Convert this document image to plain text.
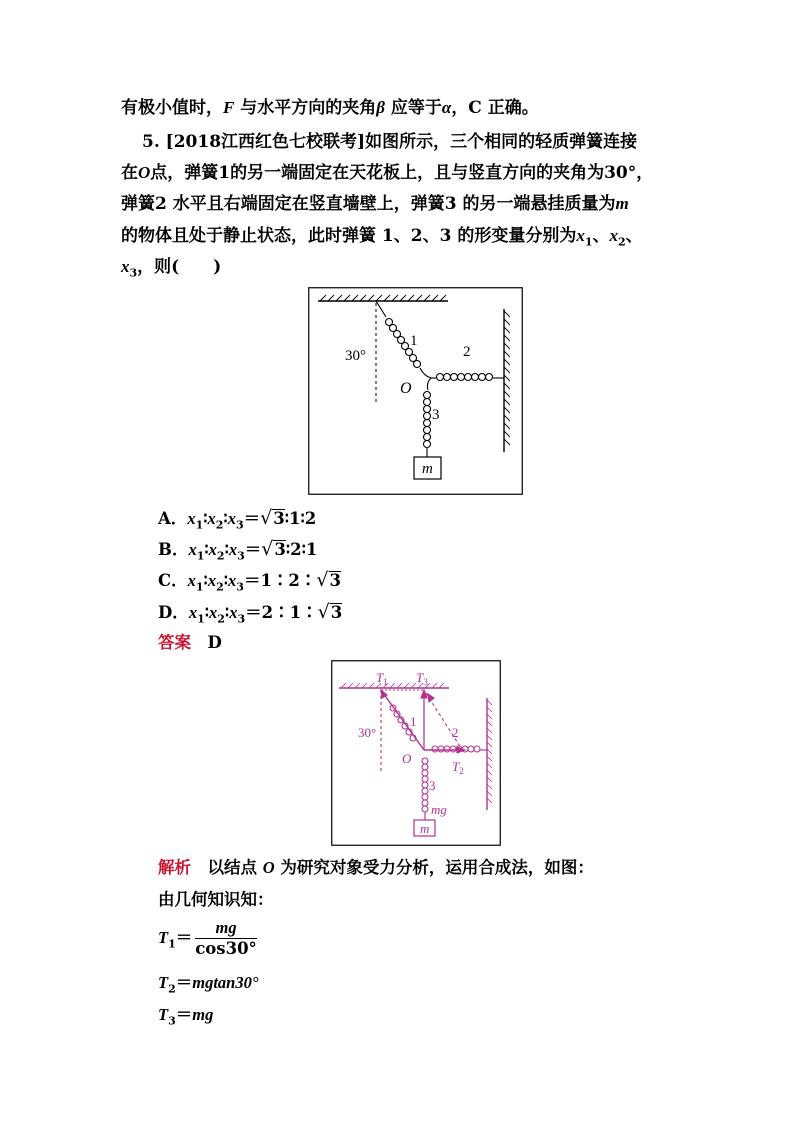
有极小值时，F 与水平方向的夹角β 应等于α，C 正确。
5. [2018江西红色七校联考]如图所示，三个相同的轻质弹簧连接
在O点，弹簧1的另一端固定在天花板上，且与竖直方向的夹角为30°，
弹簧2 水平且右端固定在竖直墙壁上，弹簧3 的另一端悬挂质量为m
的物体且处于静止状态，此时弹簧 1、2、3 的形变量分别为$x_1$、$x_2$、
$x_3$，则(　　)
m
30°
1
2
3
O
A．$x_1∶x_2∶x_3=√3∶1∶2$
B．$x_1∶x_2∶x_3=√3∶2∶1$
C．$x_1∶x_2∶x_3=1∶2∶√3$
D．$x_1∶x_2∶x_3=2∶1∶√3$
答案　 D
$T_1$ $T_3$
$T_2$
30°
1
2
3
O
mg
m
解析　 以结点 O 为研究对象受力分析，运用合成法，如图：
由几何知识知：
$T_1= \frac{mg}{\cos 30^\circ}$
$T_2=mgtan30^\circ$
$T_3=mg$
